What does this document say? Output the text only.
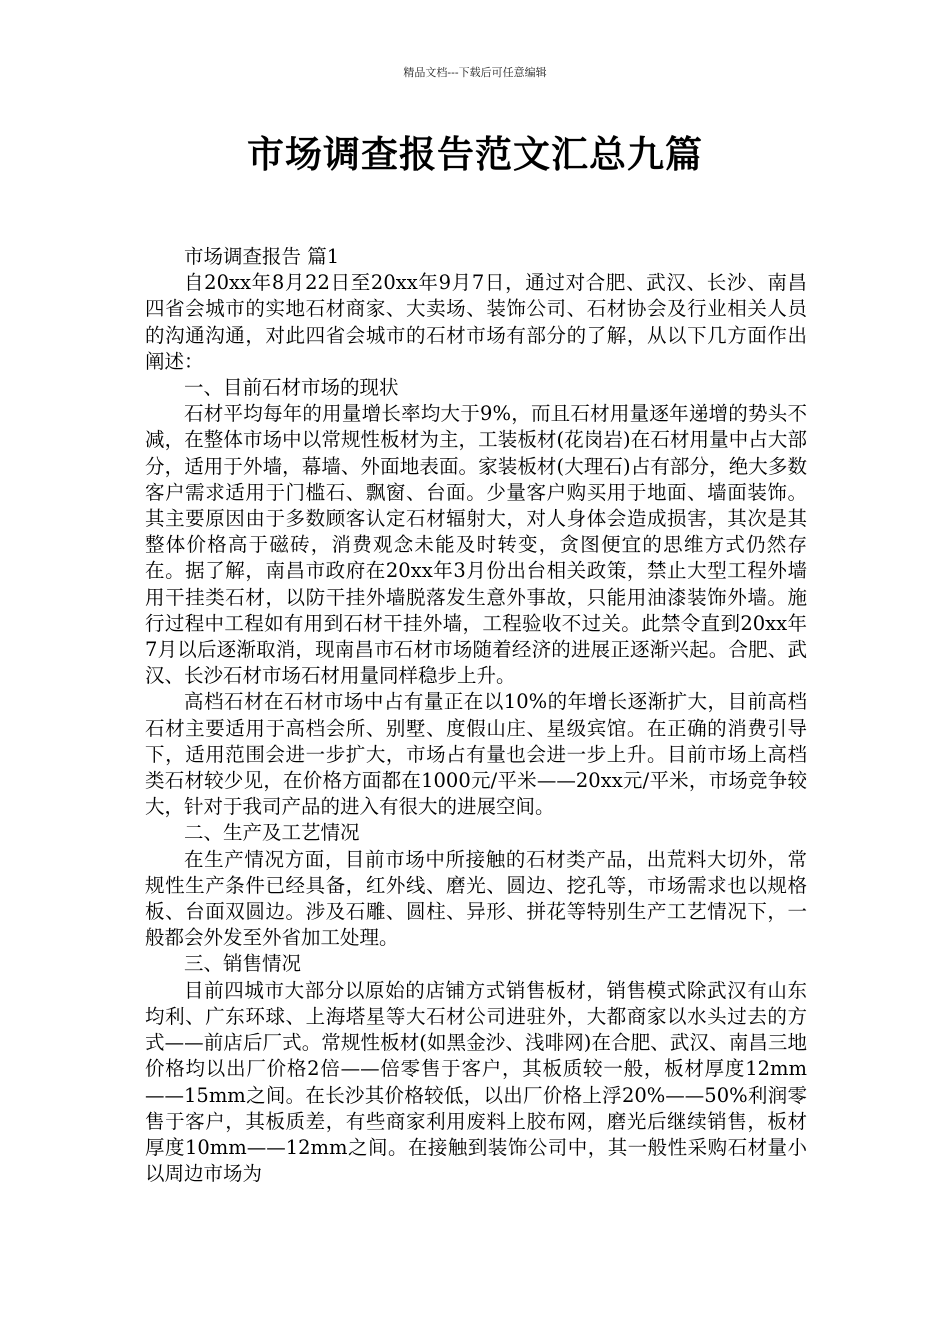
精品文档---下载后可任意编辑
市场调查报告范文汇总九篇

市场调查报告 篇1

自20xx年8月22日至20xx年9月7日，通过对合肥、武汉、长沙、南昌四省会城市的实地石材商家、大卖场、装饰公司、石材协会及行业相关人员的沟通沟通，对此四省会城市的石材市场有部分的了解，从以下几方面作出阐述：

一、目前石材市场的现状

石材平均每年的用量增长率均大于9%，而且石材用量逐年递增的势头不减，在整体市场中以常规性板材为主，工装板材(花岗岩)在石材用量中占大部分，适用于外墙，幕墙、外面地表面。家装板材(大理石)占有部分，绝大多数客户需求适用于门槛石、飘窗、台面。少量客户购买用于地面、墙面装饰。其主要原因由于多数顾客认定石材辐射大，对人身体会造成损害，其次是其整体价格高于磁砖，消费观念未能及时转变，贪图便宜的思维方式仍然存在。据了解，南昌市政府在20xx年3月份出台相关政策，禁止大型工程外墙用干挂类石材，以防干挂外墙脱落发生意外事故，只能用油漆装饰外墙。施行过程中工程如有用到石材干挂外墙，工程验收不过关。此禁令直到20xx年7月以后逐渐取消，现南昌市石材市场随着经济的进展正逐渐兴起。合肥、武汉、长沙石材市场石材用量同样稳步上升。

高档石材在石材市场中占有量正在以10%的年增长逐渐扩大，目前高档石材主要适用于高档会所、别墅、度假山庄、星级宾馆。在正确的消费引导下，适用范围会进一步扩大，市场占有量也会进一步上升。目前市场上高档类石材较少见，在价格方面都在1000元/平米——20xx元/平米，市场竞争较大，针对于我司产品的进入有很大的进展空间。

二、生产及工艺情况

在生产情况方面，目前市场中所接触的石材类产品，出荒料大切外，常规性生产条件已经具备，红外线、磨光、圆边、挖孔等，市场需求也以规格板、台面双圆边。涉及石雕、圆柱、异形、拼花等特别生产工艺情况下，一般都会外发至外省加工处理。

三、销售情况

目前四城市大部分以原始的店铺方式销售板材，销售模式除武汉有山东均利、广东环球、上海塔星等大石材公司进驻外，大都商家以水头过去的方式——前店后厂式。常规性板材(如黑金沙、浅啡网)在合肥、武汉、南昌三地价格均以出厂价格2倍——倍零售于客户，其板质较一般，板材厚度12mm——15mm之间。在长沙其价格较低，以出厂价格上浮20%——50%利润零售于客户，其板质差，有些商家利用废料上胶布网，磨光后继续销售，板材厚度10mm——12mm之间。在接触到装饰公司中，其一般性采购石材量小以周边市场为
